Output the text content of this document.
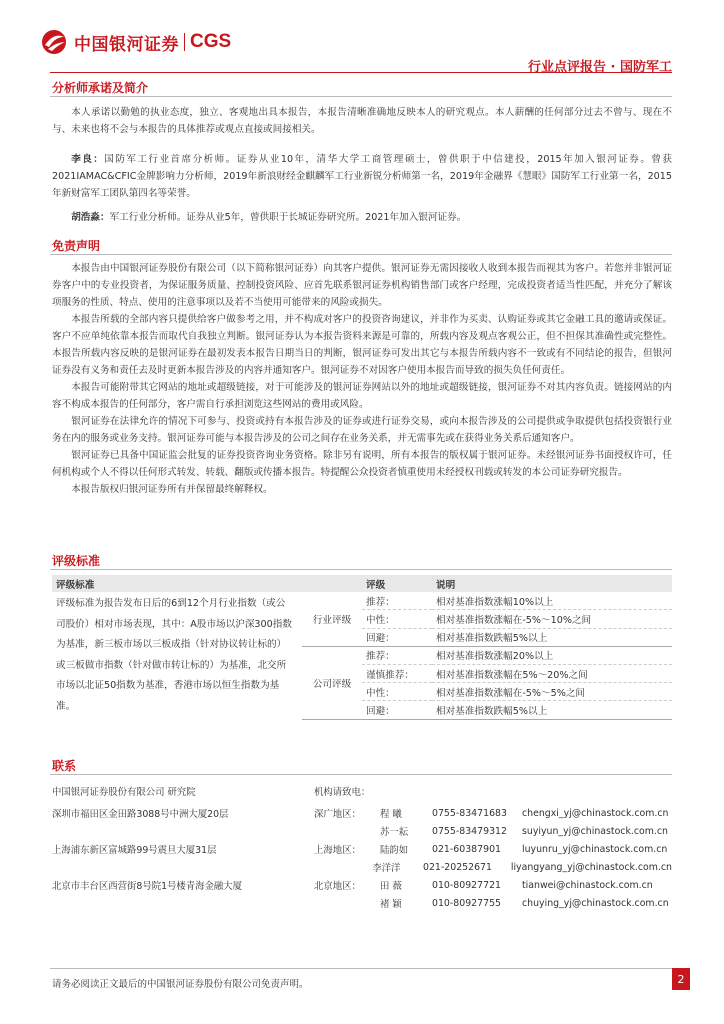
中国银河证券 CGS
行业点评报告 · 国防军工
分析师承诺及简介

本人承诺以勤勉的执业态度，独立、客观地出具本报告，本报告清晰准确地反映本人的研究观点。本人薪酬的任何部分过去不曾与、现在不与、未来也将不会与本报告的具体推荐或观点直接或间接相关。

李良：国防军工行业首席分析师。证券从业10年，清华大学工商管理硕士，曾供职于中信建投，2015年加入银河证券。曾获2021IAMAC&CFIC金牌影响力分析师，2019年新浪财经金麒麟军工行业新锐分析师第一名，2019年金融界《慧眼》国防军工行业第一名，2015年新财富军工团队第四名等荣誉。

胡浩淼：军工行业分析师。证券从业5年，曾供职于长城证券研究所。2021年加入银河证券。

免责声明

本报告由中国银河证券股份有限公司（以下简称银河证券）向其客户提供。银河证券无需因接收人收到本报告而视其为客户。若您并非银河证券客户中的专业投资者，为保证服务质量、控制投资风险、应首先联系银河证券机构销售部门或客户经理，完成投资者适当性匹配，并充分了解该项服务的性质、特点、使用的注意事项以及若不当使用可能带来的风险或损失。

本报告所载的全部内容只提供给客户做参考之用，并不构成对客户的投资咨询建议，并非作为买卖、认购证券或其它金融工具的邀请或保证。客户不应单纯依靠本报告而取代自我独立判断。银河证券认为本报告资料来源是可靠的，所载内容及观点客观公正，但不担保其准确性或完整性。本报告所载内容反映的是银河证券在最初发表本报告日期当日的判断，银河证券可发出其它与本报告所载内容不一致或有不同结论的报告，但银河证券没有义务和责任去及时更新本报告涉及的内容并通知客户。银河证券不对因客户使用本报告而导致的损失负任何责任。

本报告可能附带其它网站的地址或超级链接，对于可能涉及的银河证券网站以外的地址或超级链接，银河证券不对其内容负责。链接网站的内容不构成本报告的任何部分，客户需自行承担浏览这些网站的费用或风险。

银河证券在法律允许的情况下可参与、投资或持有本报告涉及的证券或进行证券交易，或向本报告涉及的公司提供或争取提供包括投资银行业务在内的服务或业务支持。银河证券可能与本报告涉及的公司之间存在业务关系，并无需事先或在获得业务关系后通知客户。

银河证券已具备中国证监会批复的证券投资咨询业务资格。除非另有说明，所有本报告的版权属于银河证券。未经银河证券书面授权许可，任何机构或个人不得以任何形式转发、转载、翻版或传播本报告。特提醒公众投资者慎重使用未经授权刊载或转发的本公司证券研究报告。

本报告版权归银河证券所有并保留最终解释权。

评级标准
评级标准		评级	说明
评级标准为报告发布日后的6到12个月行业指数（或公司股价）相对市场表现，其中：A股市场以沪深300指数为基准，新三板市场以三板成指（针对协议转让标的）或三板做市指数（针对做市转让标的）为基准，北交所市场以北证50指数为基准，香港市场以恒生指数为基准。	行业评级	推荐：	相对基准指数涨幅10%以上
		中性：	相对基准指数涨幅在-5%～10%之间
		回避：	相对基准指数跌幅5%以上
	公司评级	推荐：	相对基准指数涨幅20%以上
		谨慎推荐：	相对基准指数涨幅在5%～20%之间
		中性：	相对基准指数涨幅在-5%～5%之间
		回避：	相对基准指数跌幅5%以上
联系
中国银河证券股份有限公司 研究院	机构请致电：
深圳市福田区金田路3088号中洲大厦20层	深广地区：	程 曦	0755-83471683	chengxi_yj@chinastock.com.cn
苏一耘	0755-83479312	suyiyun_yj@chinastock.com.cn
上海浦东新区富城路99号震旦大厦31层	上海地区：	陆韵如	021-60387901	luyunru_yj@chinastock.com.cn
李洋洋	021-20252671	liyangyang_yj@chinastock.com.cn
北京市丰台区西营街8号院1号楼青海金融大厦	北京地区：	田 薇	010-80927721	tianwei@chinastock.com.cn
褚 颖	010-80927755	chuying_yj@chinastock.com.cn
请务必阅读正文最后的中国银河证券股份有限公司免责声明。	2
